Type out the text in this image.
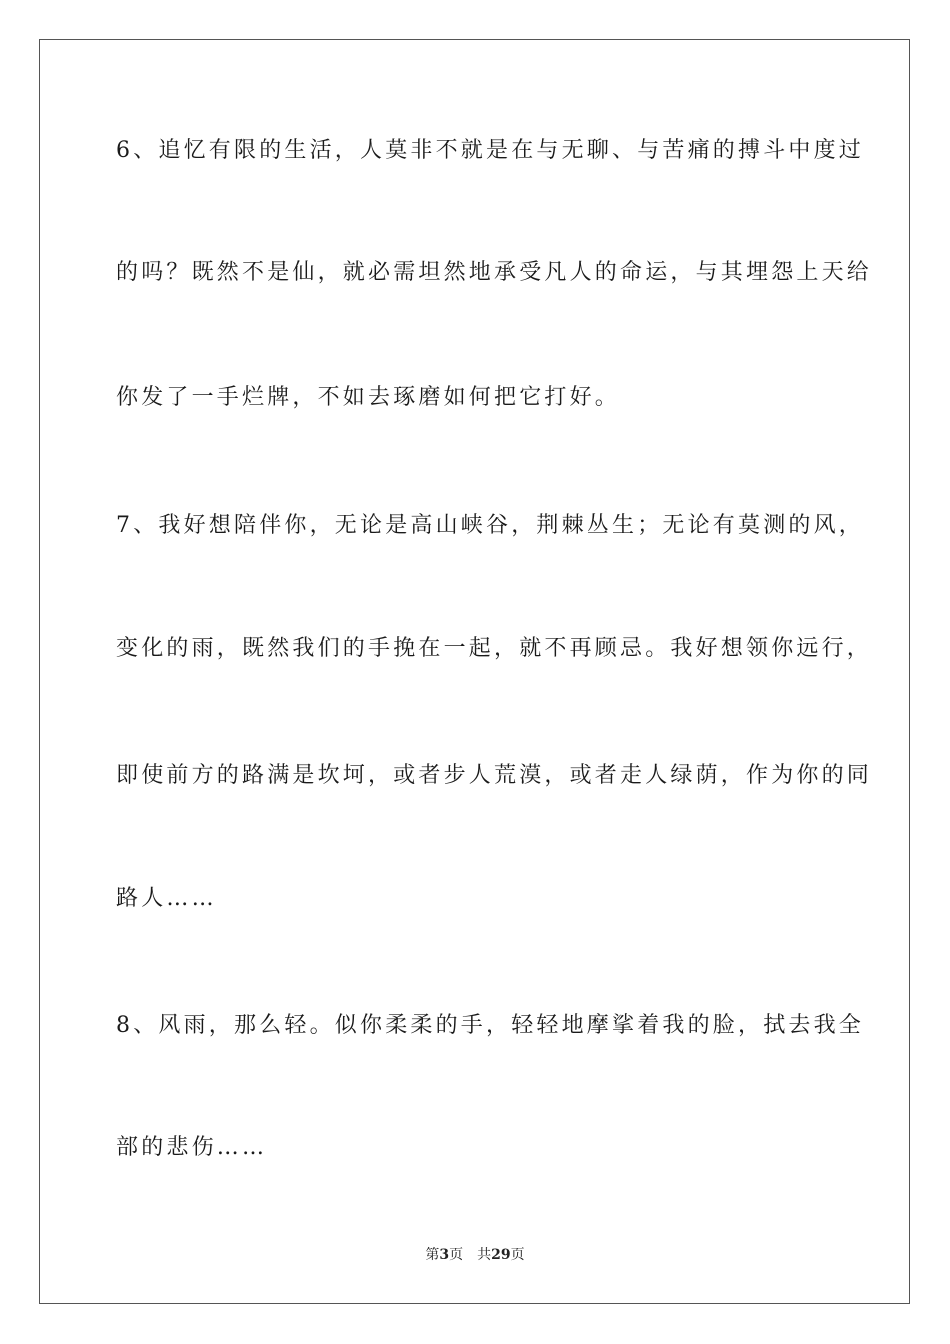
6、追忆有限的生活，人莫非不就是在与无聊、与苦痛的搏斗中度过
的吗？既然不是仙，就必需坦然地承受凡人的命运，与其埋怨上天给
你发了一手烂牌，不如去琢磨如何把它打好。
7、我好想陪伴你，无论是高山峡谷，荆棘丛生；无论有莫测的风，
变化的雨，既然我们的手挽在一起，就不再顾忌。我好想领你远行，
即使前方的路满是坎坷，或者步人荒漠，或者走人绿荫，作为你的同
路人……
8、风雨，那么轻。似你柔柔的手，轻轻地摩挲着我的脸，拭去我全
部的悲伤……
第3页 共29页
